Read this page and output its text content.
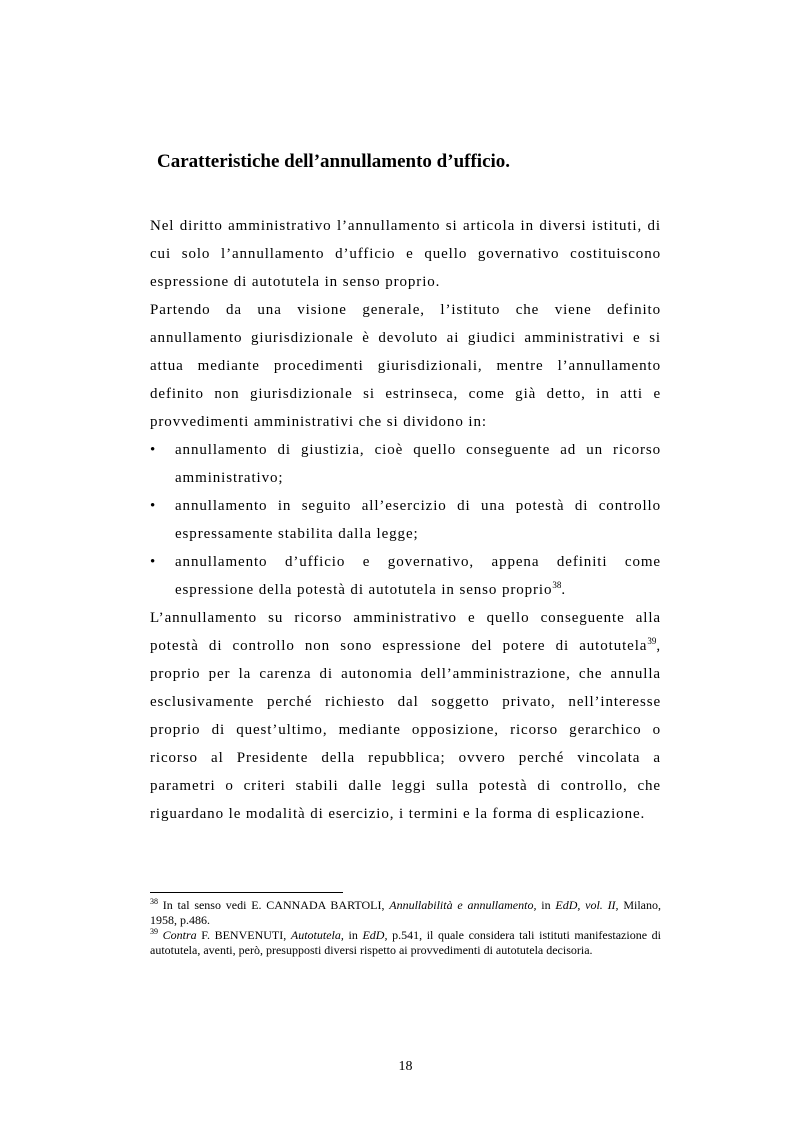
Caratteristiche dell’annullamento d’ufficio.

Nel diritto amministrativo l’annullamento si articola in diversi istituti, di cui solo l’annullamento d’ufficio e quello governativo costituiscono espressione di autotutela in senso proprio.

Partendo da una visione generale, l’istituto che viene definito annullamento giurisdizionale è devoluto ai giudici amministrativi e si attua mediante procedimenti giurisdizionali, mentre l’annullamento definito non giurisdizionale si estrinseca, come già detto, in atti e provvedimenti amministrativi che si dividono in:

•	annullamento di giustizia, cioè quello conseguente ad un ricorso amministrativo;
•	annullamento in seguito all’esercizio di una potestà di controllo espressamente stabilita dalla legge;
•	annullamento d’ufficio e governativo, appena definiti come espressione della potestà di autotutela in senso proprio$^{38}$.

L’annullamento su ricorso amministrativo e quello conseguente alla potestà di controllo non sono espressione del potere di autotutela$^{39}$, proprio per la carenza di autonomia dell’amministrazione, che annulla esclusivamente perché richiesto dal soggetto privato, nell’interesse proprio di quest’ultimo, mediante opposizione, ricorso gerarchico o ricorso al Presidente della repubblica; ovvero perché vincolata a parametri o criteri stabili dalle leggi sulla potestà di controllo, che riguardano le modalità di esercizio, i termini e la forma di esplicazione.

$^{38}$ In tal senso vedi E. CANNADA BARTOLI, Annullabilità e annullamento, in EdD, vol. II, Milano, 1958, p.486.
$^{39}$ Contra F. BENVENUTI, Autotutela, in EdD, p.541, il quale considera tali istituti manifestazione di autotutela, aventi, però, presupposti diversi rispetto ai provvedimenti di autotutela decisoria.
18
